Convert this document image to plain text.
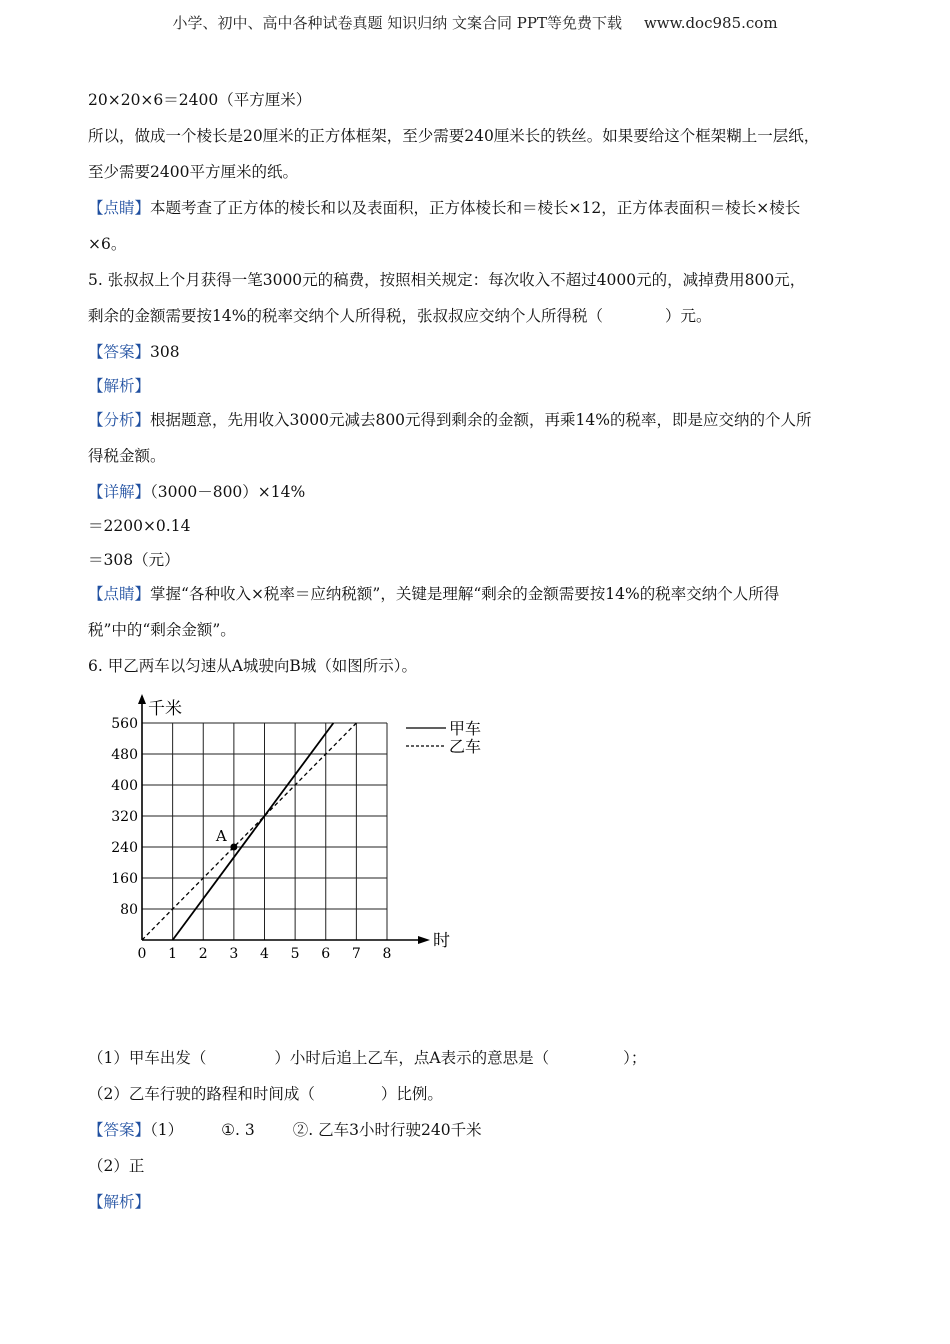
小学、初中、高中各种试卷真题 知识归纳 文案合同 PPT等免费下载 www.doc985.com
20×20×6＝2400（平方厘米）
所以，做成一个棱长是20厘米的正方体框架，至少需要240厘米长的铁丝。如果要给这个框架糊上一层纸，
至少需要2400平方厘米的纸。
【点睛】本题考查了正方体的棱长和以及表面积，正方体棱长和＝棱长×12，正方体表面积＝棱长×棱长
×6。
5. 张叔叔上个月获得一笔3000元的稿费，按照相关规定：每次收入不超过4000元的，减掉费用800元，
剩余的金额需要按14%的税率交纳个人所得税，张叔叔应交纳个人所得税（	）元。
【答案】308
【解析】
【分析】根据题意，先用收入3000元减去800元得到剩余的金额，再乘14%的税率，即是应交纳的个人所
得税金额。
【详解】（3000－800）×14%
＝2200×0.14
＝308（元）
【点睛】掌握“各种收入×税率＝应纳税额”，关键是理解“剩余的金额需要按14%的税率交纳个人所得
税”中的“剩余金额”。
6. 甲乙两车以匀速从A城驶向B城（如图所示）。
千米
时
0 1 2 3 4 5 6 7 8
80
160
240
320
400
480
560
A
甲车
乙车
（1）甲车出发（	）小时后追上乙车，点A表示的意思是（	）；
（2）乙车行驶的路程和时间成（	）比例。
【答案】（1） ①. 3 ②. 乙车3小时行驶240千米
（2）正
【解析】
